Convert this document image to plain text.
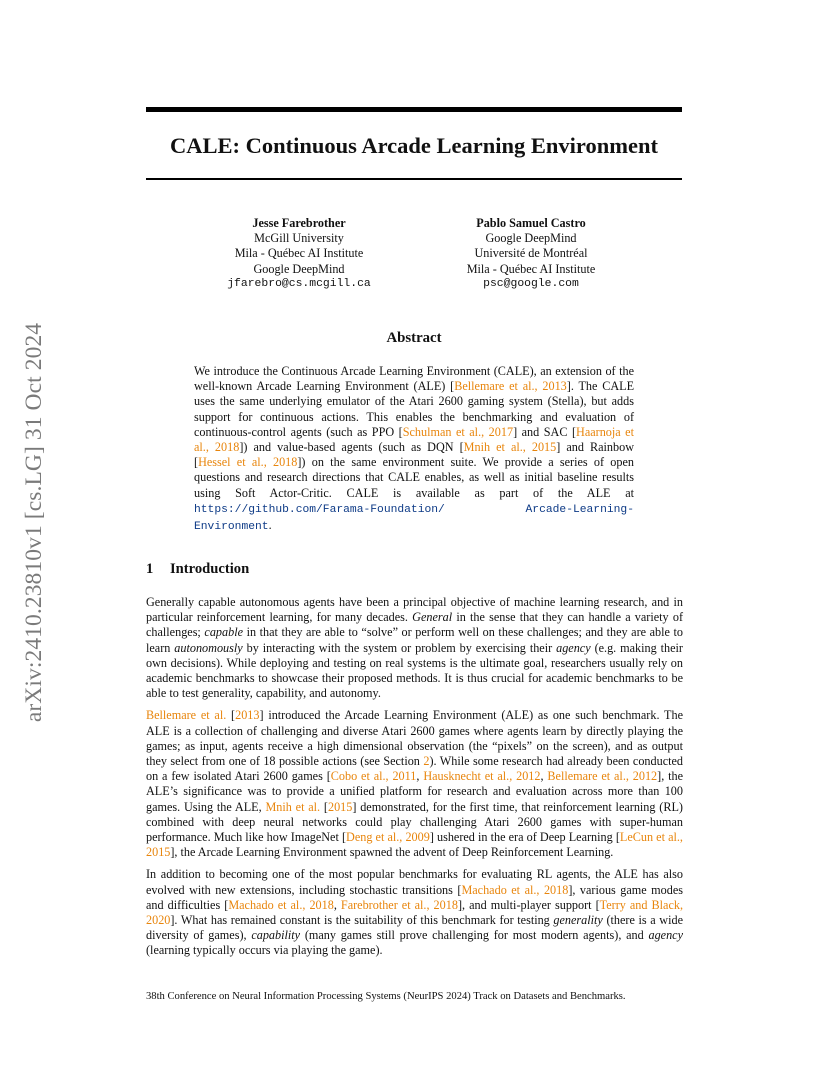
arXiv:2410.23810v1 [cs.LG] 31 Oct 2024
CALE: Continuous Arcade Learning Environment
Jesse Farebrother
McGill University
Mila - Québec AI Institute
Google DeepMind
jfarebro@cs.mcgill.ca
Pablo Samuel Castro
Google DeepMind
Université de Montréal
Mila - Québec AI Institute
psc@google.com
Abstract

We introduce the Continuous Arcade Learning Environment (CALE), an extension of the well-known Arcade Learning Environment (ALE) [Bellemare et al., 2013]. The CALE uses the same underlying emulator of the Atari 2600 gaming system (Stella), but adds support for continuous actions. This enables the benchmarking and evaluation of continuous-control agents (such as PPO [Schulman et al., 2017] and SAC [Haarnoja et al., 2018]) and value-based agents (such as DQN [Mnih et al., 2015] and Rainbow [Hessel et al., 2018]) on the same environment suite. We provide a series of open questions and research directions that CALE enables, as well as initial baseline results using Soft Actor-Critic. CALE is available as part of the ALE at https://github.com/Farama-Foundation/ Arcade-Learning-Environment.

1 Introduction

Generally capable autonomous agents have been a principal objective of machine learning research, and in particular reinforcement learning, for many decades. General in the sense that they can handle a variety of challenges; capable in that they are able to “solve” or perform well on these challenges; and they are able to learn autonomously by interacting with the system or problem by exercising their agency (e.g. making their own decisions). While deploying and testing on real systems is the ultimate goal, researchers usually rely on academic benchmarks to showcase their proposed methods. It is thus crucial for academic benchmarks to be able to test generality, capability, and autonomy.

Bellemare et al. [2013] introduced the Arcade Learning Environment (ALE) as one such benchmark. The ALE is a collection of challenging and diverse Atari 2600 games where agents learn by directly playing the games; as input, agents receive a high dimensional observation (the “pixels” on the screen), and as output they select from one of 18 possible actions (see Section 2). While some research had already been conducted on a few isolated Atari 2600 games [Cobo et al., 2011, Hausknecht et al., 2012, Bellemare et al., 2012], the ALE’s significance was to provide a unified platform for research and evaluation across more than 100 games. Using the ALE, Mnih et al. [2015] demonstrated, for the first time, that reinforcement learning (RL) combined with deep neural networks could play challenging Atari 2600 games with super-human performance. Much like how ImageNet [Deng et al., 2009] ushered in the era of Deep Learning [LeCun et al., 2015], the Arcade Learning Environment spawned the advent of Deep Reinforcement Learning.

In addition to becoming one of the most popular benchmarks for evaluating RL agents, the ALE has also evolved with new extensions, including stochastic transitions [Machado et al., 2018], various game modes and difficulties [Machado et al., 2018, Farebrother et al., 2018], and multi-player support [Terry and Black, 2020]. What has remained constant is the suitability of this benchmark for testing generality (there is a wide diversity of games), capability (many games still prove challenging for most modern agents), and agency (learning typically occurs via playing the game).

38th Conference on Neural Information Processing Systems (NeurIPS 2024) Track on Datasets and Benchmarks.
